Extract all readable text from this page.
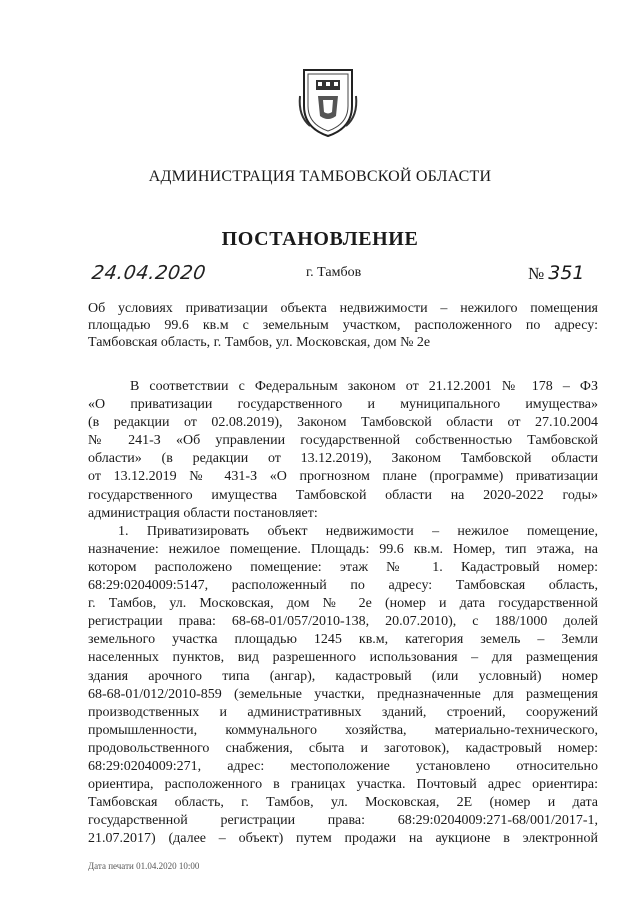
АДМИНИСТРАЦИЯ ТАМБОВСКОЙ ОБЛАСТИ
ПОСТАНОВЛЕНИЕ
24.04.2020	г. Тамбов	№ 351
Об условиях приватизации объекта недвижимости – нежилого помещения
площадью 99.6 кв.м с земельным участком, расположенного по адресу:
Тамбовская область, г. Тамбов, ул. Московская, дом № 2е
В соответствии с Федеральным законом от 21.12.2001 № 178 – ФЗ
«О приватизации государственного и муниципального имущества»
(в редакции от 02.08.2019), Законом Тамбовской области от 27.10.2004
№ 241-З «Об управлении государственной собственностью Тамбовской
области» (в редакции от 13.12.2019), Законом Тамбовской области
от 13.12.2019 № 431-З «О прогнозном плане (программе) приватизации
государственного имущества Тамбовской области на 2020-2022 годы»
администрация области постановляет:
1. Приватизировать объект недвижимости – нежилое помещение,
назначение: нежилое помещение. Площадь: 99.6 кв.м. Номер, тип этажа, на
котором расположено помещение: этаж № 1. Кадастровый номер:
68:29:0204009:5147, расположенный по адресу: Тамбовская область,
г. Тамбов, ул. Московская, дом № 2е (номер и дата государственной
регистрации права: 68-68-01/057/2010-138, 20.07.2010), с 188/1000 долей
земельного участка площадью 1245 кв.м, категория земель – Земли
населенных пунктов, вид разрешенного использования – для размещения
здания арочного типа (ангар), кадастровый (или условный) номер
68-68-01/012/2010-859 (земельные участки, предназначенные для размещения
производственных и административных зданий, строений, сооружений
промышленности, коммунального хозяйства, материально-технического,
продовольственного снабжения, сбыта и заготовок), кадастровый номер:
68:29:0204009:271, адрес: местоположение установлено относительно
ориентира, расположенного в границах участка. Почтовый адрес ориентира:
Тамбовская область, г. Тамбов, ул. Московская, 2Е (номер и дата
государственной регистрации права: 68:29:0204009:271-68/001/2017-1,
21.07.2017) (далее – объект) путем продажи на аукционе в электронной
Дата печати 01.04.2020 10:00
